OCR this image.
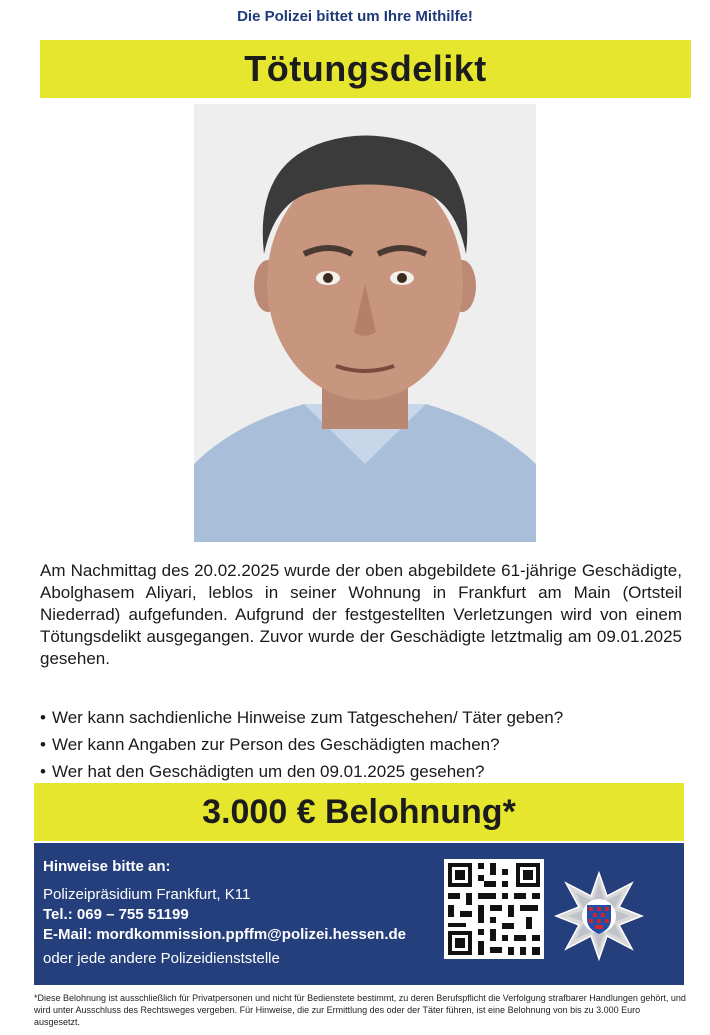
Die Polizei bittet um Ihre Mithilfe!
Tötungsdelikt
Am Nachmittag des 20.02.2025 wurde der oben abgebildete 61-jährige Geschädigte, Abolghasem Aliyari, leblos in seiner Wohnung in Frankfurt am Main (Ortsteil Niederrad) aufgefunden. Aufgrund der festgestellten Verletzungen wird von einem Tötungsdelikt ausgegangen. Zuvor wurde der Geschädigte letztmalig am 09.01.2025 gesehen.
• Wer kann sachdienliche Hinweise zum Tatgeschehen/ Täter geben?
• Wer kann Angaben zur Person des Geschädigten machen?
• Wer hat den Geschädigten um den 09.01.2025 gesehen?
3.000 € Belohnung*
Hinweise bitte an:
Polizeipräsidium Frankfurt, K11
Tel.: 069 – 755 51199
E-Mail: mordkommission.ppffm@polizei.hessen.de
oder jede andere Polizeidienststelle
*Diese Belohnung ist ausschließlich für Privatpersonen und nicht für Bedienstete bestimmt, zu deren Berufspflicht die Verfolgung strafbarer Handlungen gehört, und wird unter Ausschluss des Rechtsweges vergeben. Für Hinweise, die zur Ermittlung des oder der Täter führen, ist eine Belohnung von bis zu 3.000 Euro ausgesetzt.
